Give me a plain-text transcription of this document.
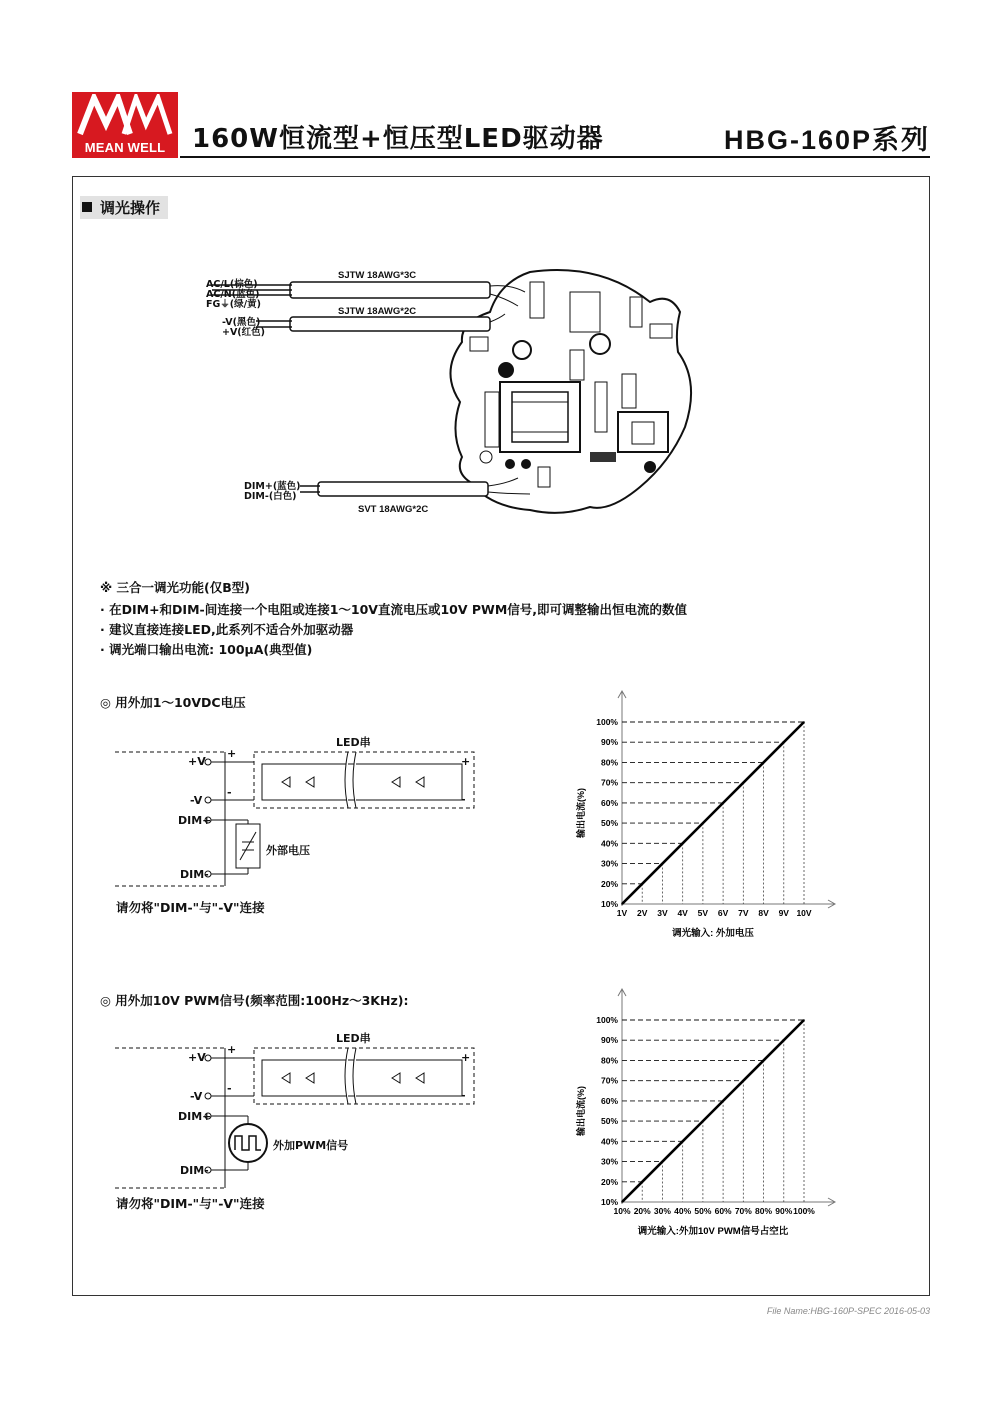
MEAN WELL	160W恒流型+恒压型LED驱动器	HBG-160P系列
调光操作
SJTW 18AWG*3C
SJTW 18AWG*2C
SVT 18AWG*2C
AC/L(棕色)
AC/N(蓝色)
FG⏚(绿/黄)
-V(黑色)
+V(红色)
DIM+(蓝色)
DIM-(白色)
※ 三合一调光功能(仅B型)
· 在DIM+和DIM-间连接一个电阻或连接1～10V直流电压或10V PWM信号,即可调整输出恒电流的数值
· 建议直接连接LED,此系列不适合外加驱动器
· 调光端口输出电流: 100μA(典型值)
◎ 用外加1～10VDC电压
LED串
+V
-V
DIM+
DIM-
+
-
+
-
外部电压
请勿将"DIM-"与"-V"连接
◎ 用外加10V PWM信号(频率范围:100Hz～3KHz):
LED串
+V
-V
DIM+
DIM-
+
-
+
-
外加PWM信号
请勿将"DIM-"与"-V"连接
10%
1V
20%
2V
30%
3V
40%
4V
50%
5V
60%
6V
70%
7V
80%
8V
90%
9V
100%
10V
调光输入: 外加电压
输出电流(%)
10%
10%
20%
20%
30%
30%
40%
40%
50%
50%
60%
60%
70%
70%
80%
80%
90%
90%
100%
100%
调光输入:外加10V PWM信号占空比
输出电流(%)
File Name:HBG-160P-SPEC 2016-05-03
